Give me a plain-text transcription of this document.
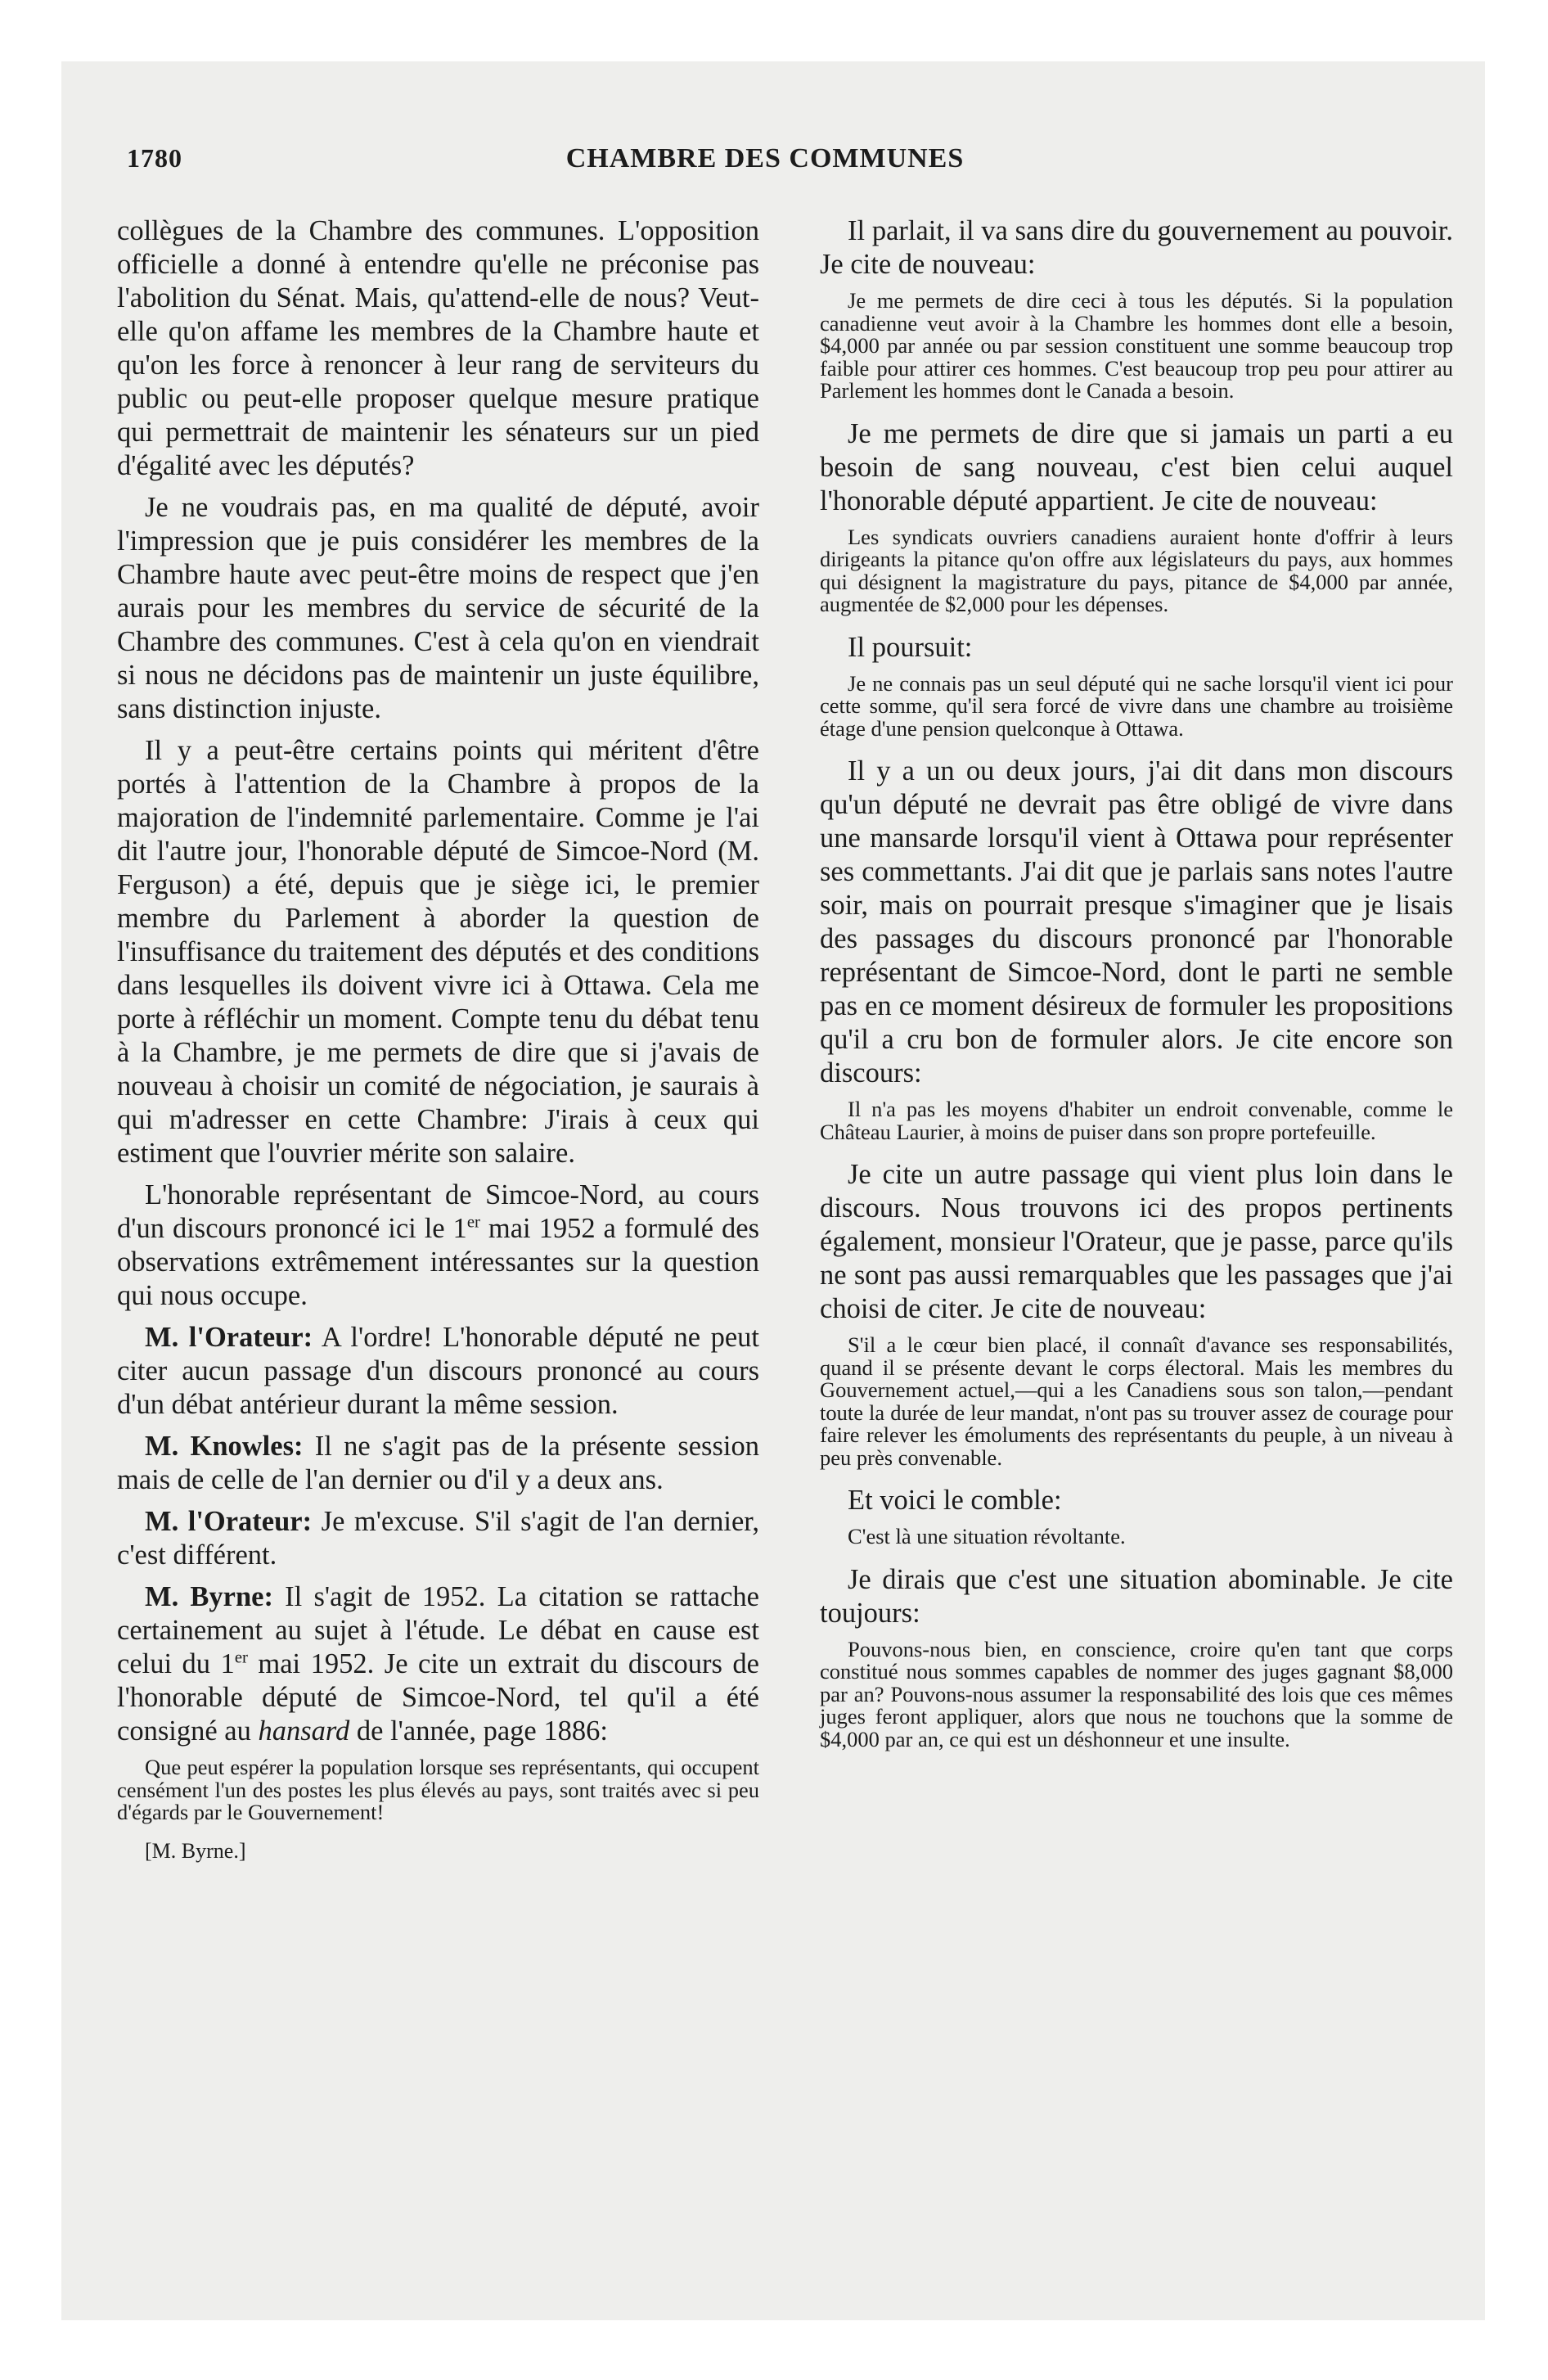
1780	CHAMBRE DES COMMUNES

collègues de la Chambre des communes. L'opposition officielle a donné à entendre qu'elle ne préconise pas l'abolition du Sénat. Mais, qu'attend-elle de nous? Veut-elle qu'on affame les membres de la Chambre haute et qu'on les force à renoncer à leur rang de serviteurs du public ou peut-elle proposer quelque mesure pratique qui permettrait de maintenir les sénateurs sur un pied d'égalité avec les députés?

Je ne voudrais pas, en ma qualité de député, avoir l'impression que je puis considérer les membres de la Chambre haute avec peut-être moins de respect que j'en aurais pour les membres du service de sécurité de la Chambre des communes. C'est à cela qu'on en viendrait si nous ne décidons pas de maintenir un juste équilibre, sans distinction injuste.

Il y a peut-être certains points qui méritent d'être portés à l'attention de la Chambre à propos de la majoration de l'indemnité parlementaire. Comme je l'ai dit l'autre jour, l'honorable député de Simcoe-Nord (M. Ferguson) a été, depuis que je siège ici, le premier membre du Parlement à aborder la question de l'insuffisance du traitement des députés et des conditions dans lesquelles ils doivent vivre ici à Ottawa. Cela me porte à réfléchir un moment. Compte tenu du débat tenu à la Chambre, je me permets de dire que si j'avais de nouveau à choisir un comité de négociation, je saurais à qui m'adresser en cette Chambre: J'irais à ceux qui estiment que l'ouvrier mérite son salaire.

L'honorable représentant de Simcoe-Nord, au cours d'un discours prononcé ici le 1er mai 1952 a formulé des observations extrêmement intéressantes sur la question qui nous occupe.

M. l'Orateur: A l'ordre! L'honorable député ne peut citer aucun passage d'un discours prononcé au cours d'un débat antérieur durant la même session.

M. Knowles: Il ne s'agit pas de la présente session mais de celle de l'an dernier ou d'il y a deux ans.

M. l'Orateur: Je m'excuse. S'il s'agit de l'an dernier, c'est différent.

M. Byrne: Il s'agit de 1952. La citation se rattache certainement au sujet à l'étude. Le débat en cause est celui du 1er mai 1952. Je cite un extrait du discours de l'honorable député de Simcoe-Nord, tel qu'il a été consigné au hansard de l'année, page 1886:

Que peut espérer la population lorsque ses représentants, qui occupent censément l'un des postes les plus élevés au pays, sont traités avec si peu d'égards par le Gouvernement!
[M. Byrne.]

Il parlait, il va sans dire du gouvernement au pouvoir. Je cite de nouveau:

Je me permets de dire ceci à tous les députés. Si la population canadienne veut avoir à la Chambre les hommes dont elle a besoin, $4,000 par année ou par session constituent une somme beaucoup trop faible pour attirer ces hommes. C'est beaucoup trop peu pour attirer au Parlement les hommes dont le Canada a besoin.

Je me permets de dire que si jamais un parti a eu besoin de sang nouveau, c'est bien celui auquel l'honorable député appartient. Je cite de nouveau:

Les syndicats ouvriers canadiens auraient honte d'offrir à leurs dirigeants la pitance qu'on offre aux législateurs du pays, aux hommes qui désignent la magistrature du pays, pitance de $4,000 par année, augmentée de $2,000 pour les dépenses.

Il poursuit:

Je ne connais pas un seul député qui ne sache lorsqu'il vient ici pour cette somme, qu'il sera forcé de vivre dans une chambre au troisième étage d'une pension quelconque à Ottawa.

Il y a un ou deux jours, j'ai dit dans mon discours qu'un député ne devrait pas être obligé de vivre dans une mansarde lorsqu'il vient à Ottawa pour représenter ses commettants. J'ai dit que je parlais sans notes l'autre soir, mais on pourrait presque s'imaginer que je lisais des passages du discours prononcé par l'honorable représentant de Simcoe-Nord, dont le parti ne semble pas en ce moment désireux de formuler les propositions qu'il a cru bon de formuler alors. Je cite encore son discours:

Il n'a pas les moyens d'habiter un endroit convenable, comme le Château Laurier, à moins de puiser dans son propre portefeuille.

Je cite un autre passage qui vient plus loin dans le discours. Nous trouvons ici des propos pertinents également, monsieur l'Orateur, que je passe, parce qu'ils ne sont pas aussi remarquables que les passages que j'ai choisi de citer. Je cite de nouveau:

S'il a le cœur bien placé, il connaît d'avance ses responsabilités, quand il se présente devant le corps électoral. Mais les membres du Gouvernement actuel,—qui a les Canadiens sous son talon,—pendant toute la durée de leur mandat, n'ont pas su trouver assez de courage pour faire relever les émoluments des représentants du peuple, à un niveau à peu près convenable.

Et voici le comble:

C'est là une situation révoltante.

Je dirais que c'est une situation abominable. Je cite toujours:

Pouvons-nous bien, en conscience, croire qu'en tant que corps constitué nous sommes capables de nommer des juges gagnant $8,000 par an? Pouvons-nous assumer la responsabilité des lois que ces mêmes juges feront appliquer, alors que nous ne touchons que la somme de $4,000 par an, ce qui est un déshonneur et une insulte.
